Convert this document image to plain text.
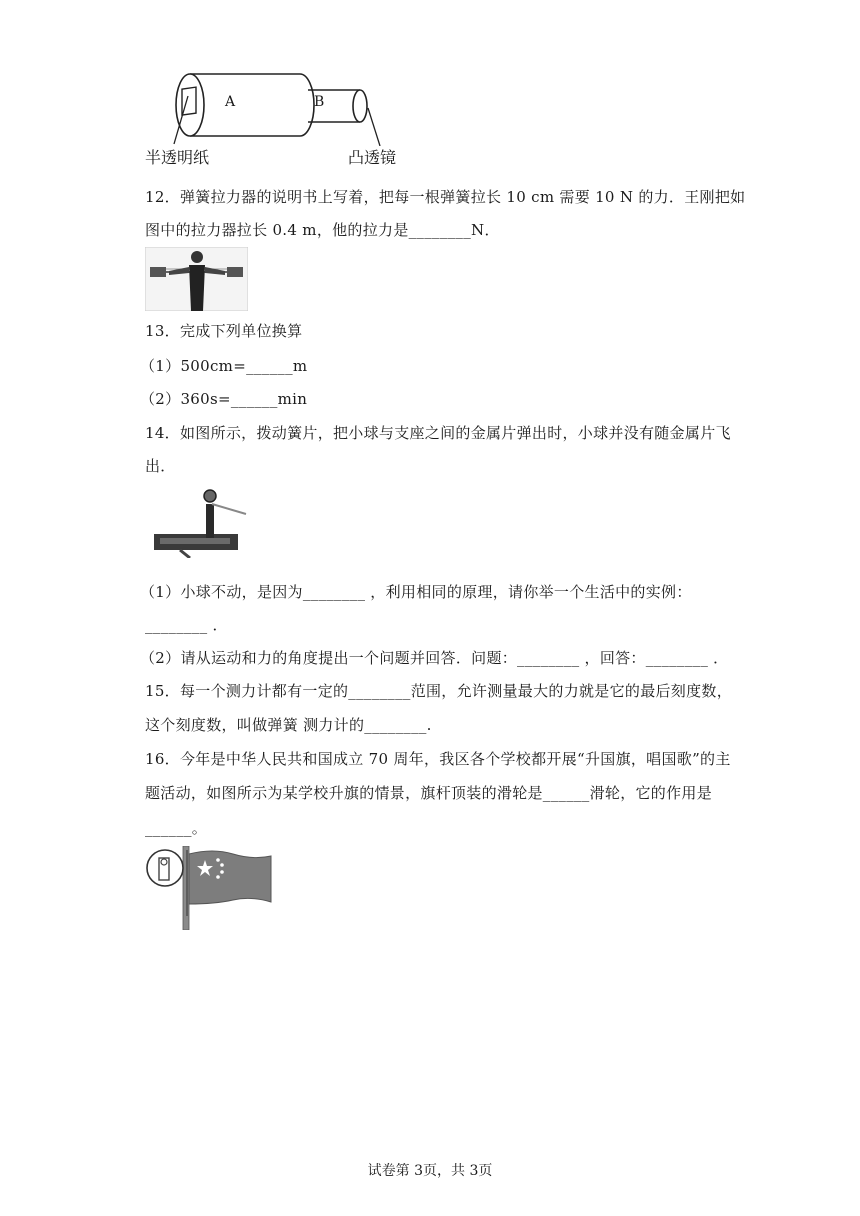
A	B
半透明纸	凸透镜
12．弹簧拉力器的说明书上写着，把每一根弹簧拉长 10 cm 需要 10 N 的力．王刚把如
图中的拉力器拉长 0.4 m，他的拉力是________N．
13．完成下列单位换算
（1）500cm=______m
（2）360s=______min
14．如图所示，拨动簧片，把小球与支座之间的金属片弹出时，小球并没有随金属片飞
出．
（1）小球不动，是因为________ ，利用相同的原理，请你举一个生活中的实例：
________ ．
（2）请从运动和力的角度提出一个问题并回答．问题：________ ，回答：________ ．
15．每一个测力计都有一定的________范围，允许测量最大的力就是它的最后刻度数，
这个刻度数，叫做弹簧 测力计的________.
16．今年是中华人民共和国成立 70 周年，我区各个学校都开展“升国旗，唱国歌”的主
题活动，如图所示为某学校升旗的情景，旗杆顶装的滑轮是______滑轮，它的作用是
______。
试卷第 3页，共 3页
